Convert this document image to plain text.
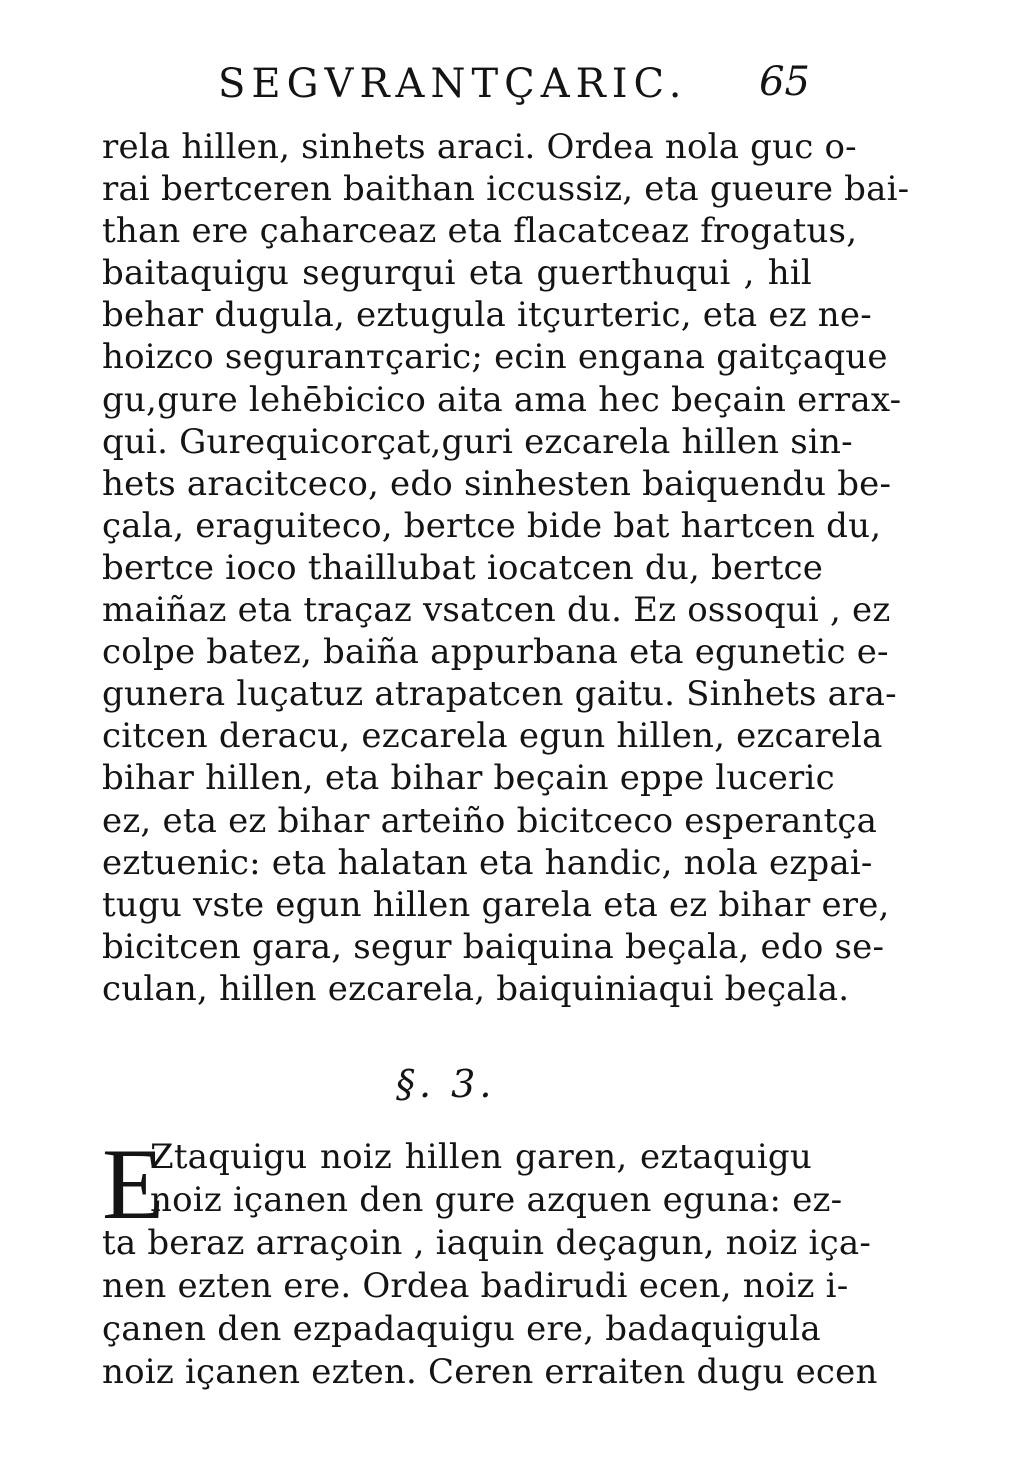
SEGVRANTÇARIC. 65
rela hillen, sinhets araci. Ordea nola guc o-
rai bertceren baithan iccussiz, eta gueure bai-
than ere çaharceaz eta flacatceaz frogatus,
baitaquigu segurqui eta guerthuqui , hil
behar dugula, eztugula itçurteric, eta ez ne-
hoizco seguranтçaric; ecin engana gaitçaque
gu,gure lehēbicico aita ama hec beçain errax-
qui. Gurequicorçat,guri ezcarela hillen sin-
hets aracitceco, edo sinhesten baiquendu be-
çala, eraguiteco, bertce bide bat hartcen du,
bertce ioco thaillubat iocatcen du, bertce
maiñaz eta traçaz vsatcen du. Ez ossoqui , ez
colpe batez, baiña appurbana eta egunetic e-
gunera luçatuz atrapatcen gaitu. Sinhets ara-
citcen deracu, ezcarela egun hillen, ezcarela
bihar hillen, eta bihar beçain eppe luceric
ez, eta ez bihar arteiño bicitceco esperantça
eztuenic: eta halatan eta handic, nola ezpai-
tugu vste egun hillen garela eta ez bihar ere,
bicitcen gara, segur baiquina beçala, edo se-
culan, hillen ezcarela, baiquiniaqui beçala.
§. 3.
E
Ztaquigu noiz hillen garen, eztaquigu
noiz içanen den gure azquen eguna: ez-
ta beraz arraçoin , iaquin deçagun, noiz iça-
nen ezten ere. Ordea badirudi ecen, noiz i-
çanen den ezpadaquigu ere, badaquigula
noiz içanen ezten. Ceren erraiten dugu ecen
